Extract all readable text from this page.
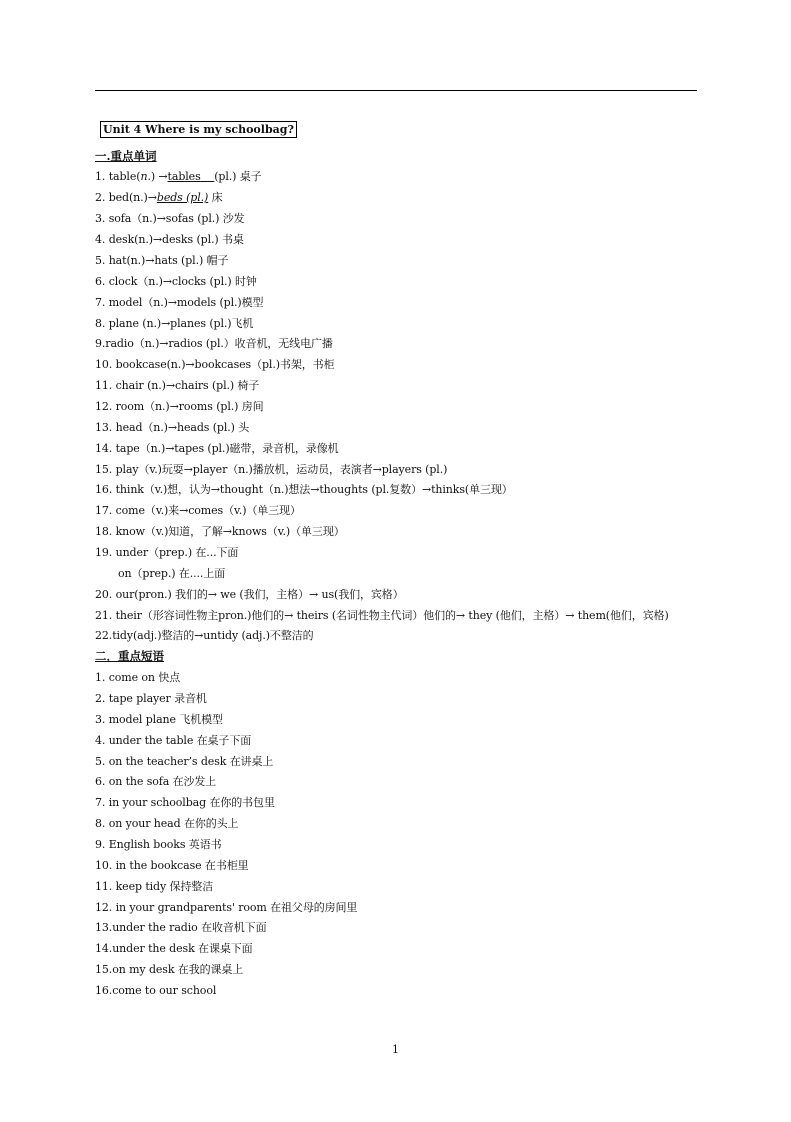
Unit 4 Where is my schoolbag?
一.重点单词
1. table(n.) →tables (pl.) 桌子
2. bed(n.)→beds (pl.) 床
3. sofa（n.)→sofas (pl.) 沙发
4. desk(n.)→desks (pl.) 书桌
5. hat(n.)→hats (pl.) 帽子
6. clock（n.)→clocks (pl.) 时钟
7. model（n.)→models (pl.)模型
8. plane (n.)→planes (pl.)飞机
9.radio（n.)→radios (pl.）收音机，无线电广播
10. bookcase(n.)→bookcases（pl.)书架，书柜
11. chair (n.)→chairs (pl.) 椅子
12. room（n.)→rooms (pl.) 房间
13. head（n.)→heads (pl.) 头
14. tape（n.)→tapes (pl.)磁带，录音机，录像机
15. play（v.)玩耍→player（n.)播放机，运动员，表演者→players (pl.)
16. think（v.)想，认为→thought（n.)想法→thoughts (pl.复数）→thinks(单三现）
17. come（v.)来→comes（v.)（单三现）
18. know（v.)知道，了解→knows（v.)（单三现）
19. under（prep.) 在...下面
on（prep.) 在....上面
20. our(pron.) 我们的→ we (我们，主格）→ us(我们，宾格）
21. their（形容词性物主pron.)他们的→ theirs (名词性物主代词）他们的→ they (他们，主格）→ them(他们，宾格)
22.tidy(adj.)整洁的→untidy (adj.)不整洁的
二．重点短语
1. come on 快点
2. tape player 录音机
3. model plane 飞机模型
4. under the table 在桌子下面
5. on the teacher’s desk 在讲桌上
6. on the sofa 在沙发上
7. in your schoolbag 在你的书包里
8. on your head 在你的头上
9. English books 英语书
10. in the bookcase 在书柜里
11. keep tidy 保持整洁
12. in your grandparents' room 在祖父母的房间里
13.under the radio 在收音机下面
14.under the desk 在课桌下面
15.on my desk 在我的课桌上
16.come to our school
1
